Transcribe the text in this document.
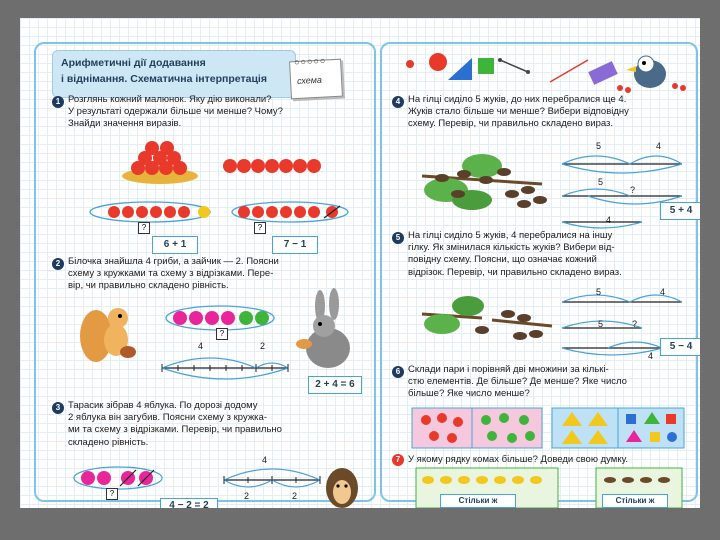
Арифметичні дії додавання
і віднімання. Схематична інтерпретація
○○○○○
схема
1 Розглянь кожний малюнок. Яку дію виконали?
У результаті одержали більше чи менше? Чому?
Знайди значення виразів.
?	?
6 + 1	7 − 1
2 Білочка знайшла 4 гриби, а зайчик — 2. Поясни
схему з кружками та схему з відрізками. Пере-
вір, чи правильно складено рівність.
?
4	2
2 + 4 = 6
3 Тарасик зібрав 4 яблука. По дорозі додому
2 яблука він загубив. Поясни схему з кружка-
ми та схему з відрізками. Перевір, чи правильно
складено рівність.
4
2	2
?
4 − 2 = 2
4 На гілці сиділо 5 жуків, до них перебралися ще 4.
Жуків стало більше чи менше? Вибери відповідну
схему. Перевір, чи правильно складено вираз.
5	4
5
4
?
5 + 4
5 На гілці сиділо 5 жуків, 4 перебралися на іншу
гілку. Як змінилася кількість жуків? Вибери від-
повідну схему. Поясни, що означає кожний
відрізок. Перевір, чи правильно складено вираз.
5	4
5	?
4
5 − 4
6 Склади пари і порівняй дві множини за кількі-
стю елементів. Де більше? Де менше? Яке число
більше? Яке число менше?
7 У якому рядку комах більше? Доведи свою думку.
Стільки ж	Стільки ж
